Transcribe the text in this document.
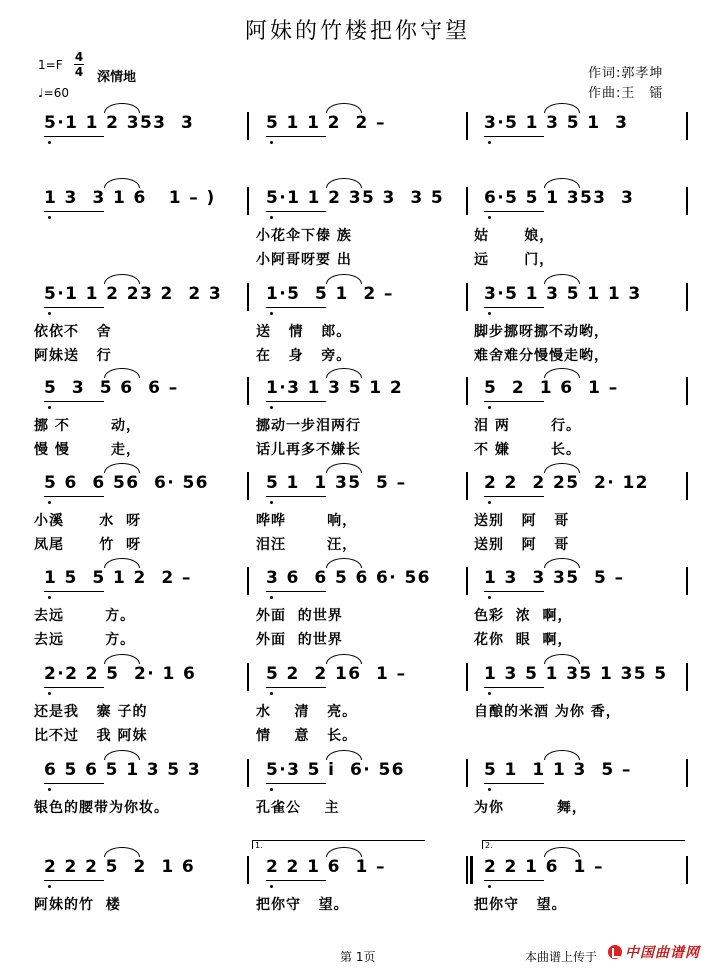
阿妹的竹楼把你守望
1=F
4
4
♩=60
深情地	作词:郭孝坤
作曲:王　镭
5·1 1 2 353  3	5 1 1 2  2 –	3·5 1 3 5 1  3
1 3  3 1 6   1 – )	5·1 1 2 35 3  3 5 6·5 5 1 353  3
小花伞下傣 族	姑      娘，
小阿哥呀要 出	远      门，
5·1 1 2 23 2  2 3	1·5  5 1  2 –	3·5 1 3 5 1 1 3
依依不   舍	送   情   郎。	脚步挪呀挪不动哟，
阿妹送   行	在   身   旁。	难舍难分慢慢走哟，
5  3  5 6  6 –	1·3 1 3 5 1 2	5  2  1 6  1 –
挪 不       动，	挪动一步泪两行	泪 两       行。
慢 慢       走，	话儿再多不嫌长	不 嫌       长。
5 6  6 56  6· 56	5 1  1 35  5 –	2 2  2 25  2· 12
小溪      水  呀	哗哗       响，	送别   阿   哥
凤尾      竹  呀	泪汪       汪，	送别   阿   哥
1 5  5 1 2  2 –	3 6  6 5 6 6· 56	1 3  3 35  5 –
去远       方。	外面  的世界	色彩  浓  啊，
去远       方。	外面  的世界	花你  眼  啊，
2·2 2 5  2· 1 6	5 2  2 16  1 –	1 3 5 1 35 1 35 5
还是我   寨 子的	水    清   亮。	自酿的米酒 为你 香，
比不过   我 阿妹	情    意   长。
6 5 6 5 1 3 5 3	5·3 5 i  6· 56	5 1  1 1 3  5 –
银色的腰带为你妆。	孔雀公    主	为你         舞，
2 2 2 5  2  1 6	2 2 1 6  1 –	2 2 1 6  1 –
阿妹的竹  楼	把你守   望。	把你守   望。
1.	2.
第 1页	本曲谱上传于 中国曲谱网
